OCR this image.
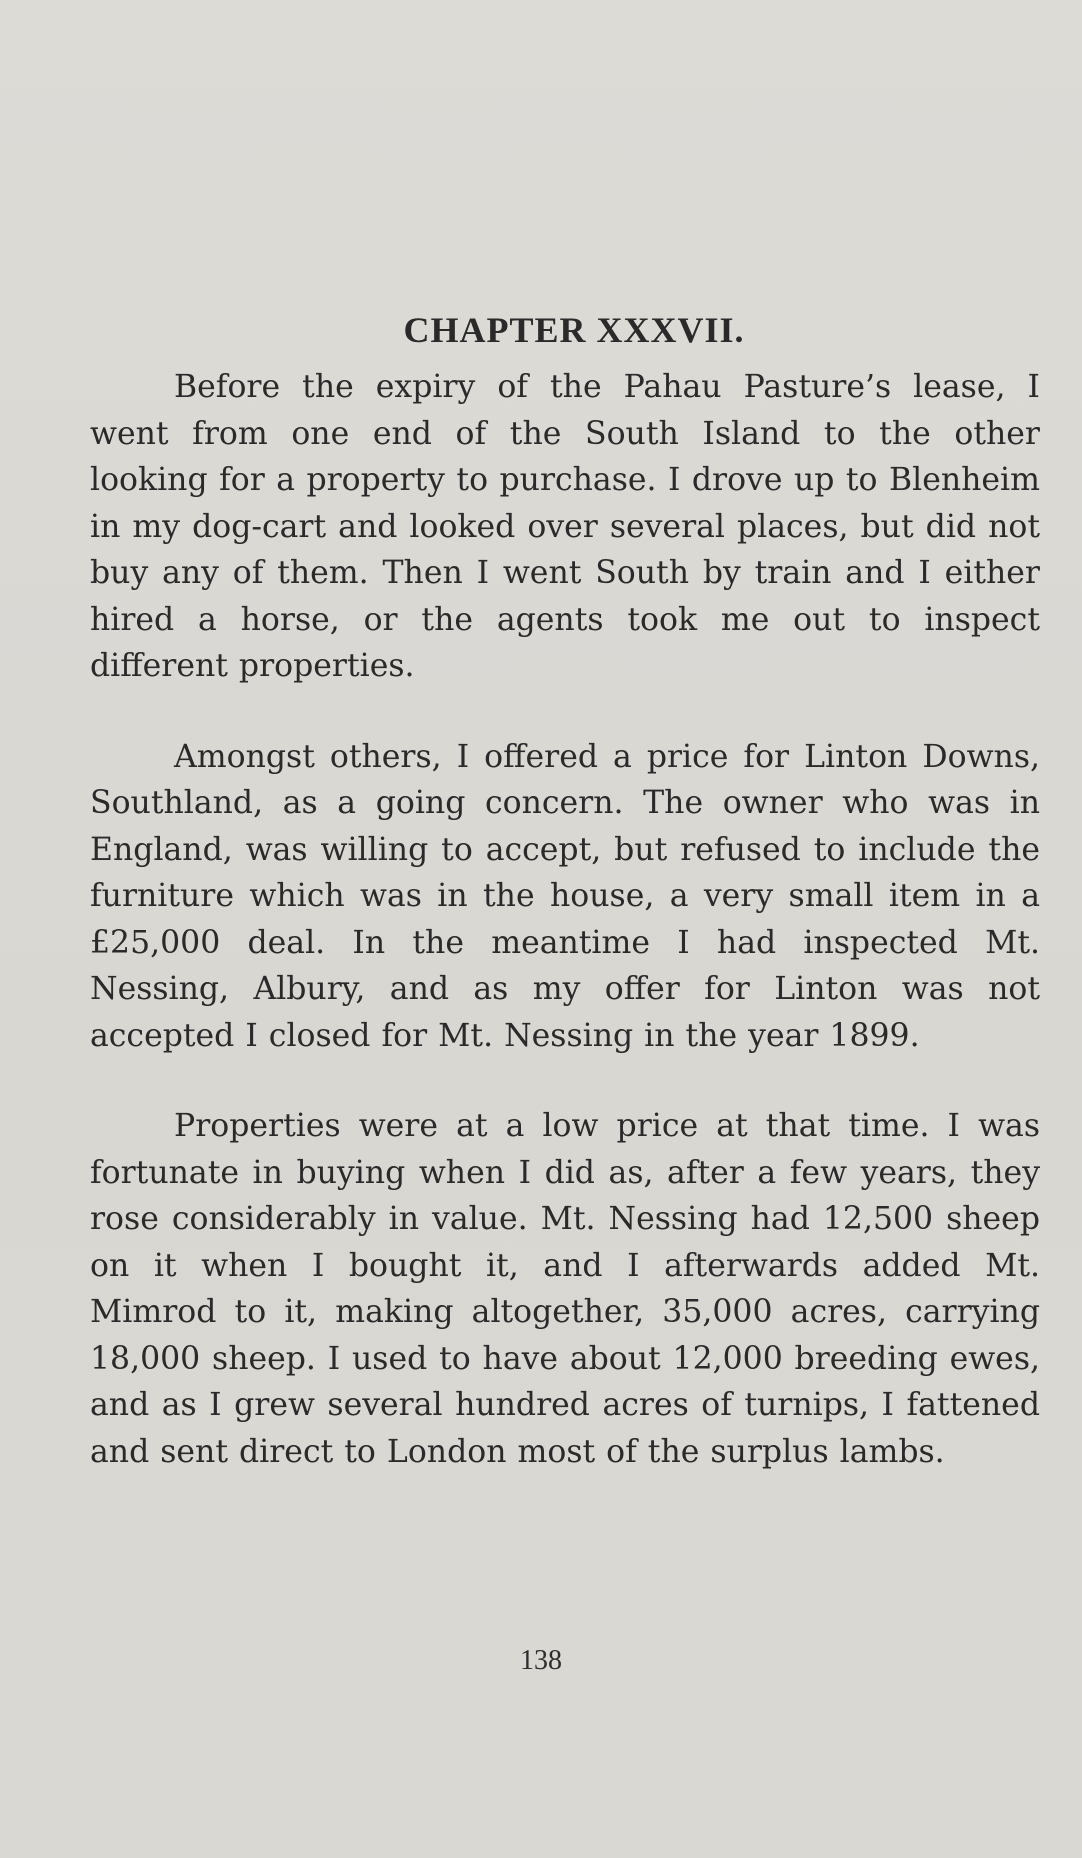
CHAPTER XXXVII.

Before the expiry of the Pahau Pasture’s lease, I went from one end of the South Island to the other looking for a property to purchase. I drove up to Blenheim in my dog-cart and looked over several places, but did not buy any of them. Then I went South by train and I either hired a horse, or the agents took me out to inspect different properties.

Amongst others, I offered a price for Linton Downs, Southland, as a going concern. The owner who was in England, was willing to accept, but refused to include the furniture which was in the house, a very small item in a £25,000 deal. In the meantime I had inspected Mt. Nessing, Albury, and as my offer for Linton was not accepted I closed for Mt. Nessing in the year 1899.

Properties were at a low price at that time. I was fortunate in buying when I did as, after a few years, they rose considerably in value. Mt. Nessing had 12,500 sheep on it when I bought it, and I afterwards added Mt. Mimrod to it, making altogether, 35,000 acres, carrying 18,000 sheep. I used to have about 12,000 breeding ewes, and as I grew several hundred acres of turnips, I fattened and sent direct to London most of the surplus lambs.

138
